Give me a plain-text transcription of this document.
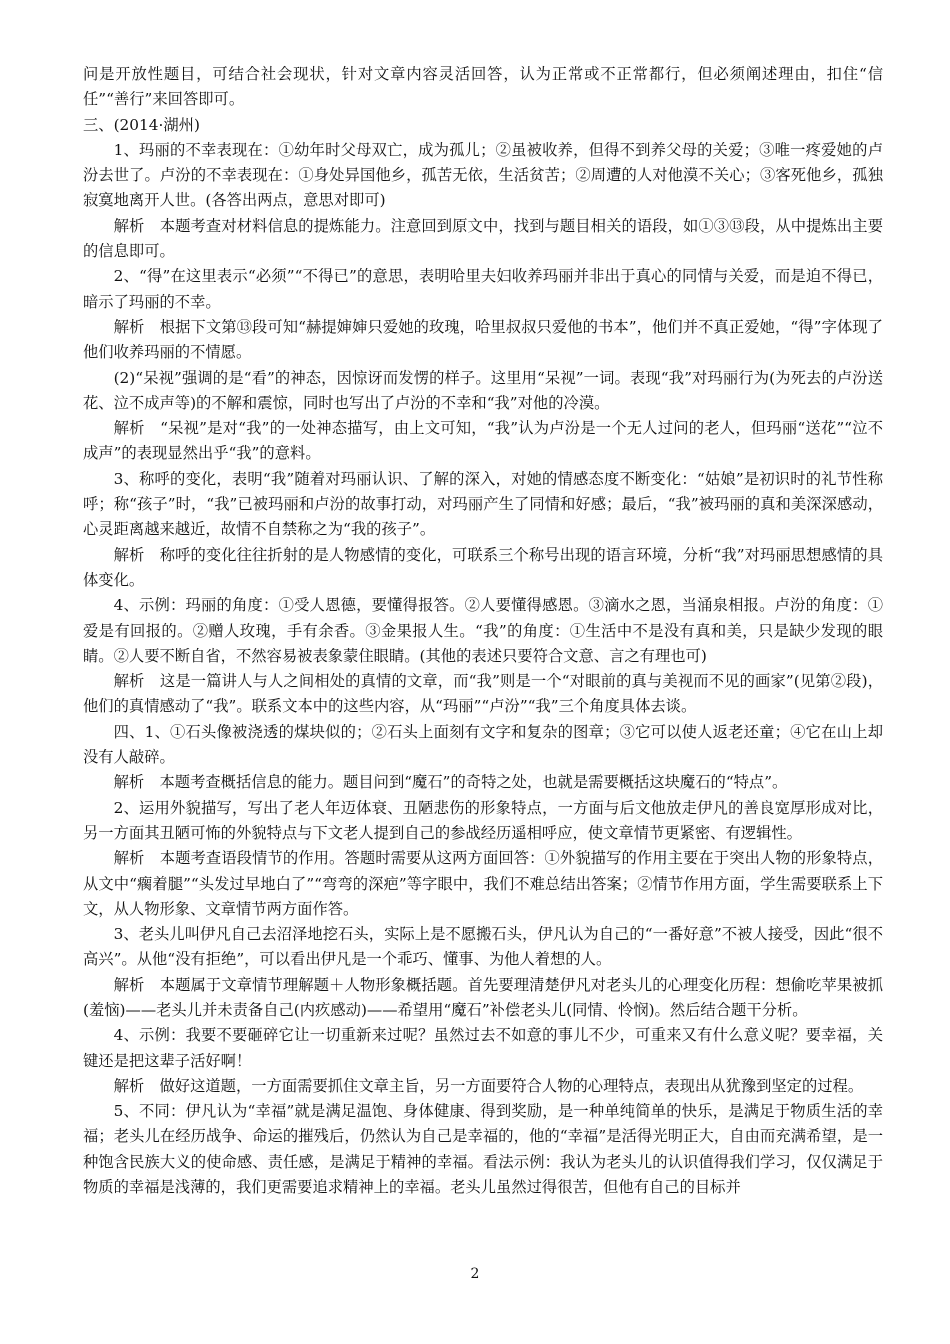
问是开放性题目，可结合社会现状，针对文章内容灵活回答，认为正常或不正常都行，但必须阐述理由，扣住“信任”“善行”来回答即可。

三、(2014·湖州)

1、玛丽的不幸表现在：①幼年时父母双亡，成为孤儿；②虽被收养，但得不到养父母的关爱；③唯一疼爱她的卢汾去世了。卢汾的不幸表现在：①身处异国他乡，孤苦无依，生活贫苦；②周遭的人对他漠不关心；③客死他乡，孤独寂寞地离开人世。(各答出两点，意思对即可)

解析　本题考查对材料信息的提炼能力。注意回到原文中，找到与题目相关的语段，如①③⑬段，从中提炼出主要的信息即可。

2、“得”在这里表示“必须”“不得已”的意思，表明哈里夫妇收养玛丽并非出于真心的同情与关爱，而是迫不得已，暗示了玛丽的不幸。

解析　根据下文第⑬段可知“赫提婶婶只爱她的玫瑰，哈里叔叔只爱他的书本”，他们并不真正爱她，“得”字体现了他们收养玛丽的不情愿。

(2)“呆视”强调的是“看”的神态，因惊讶而发愣的样子。这里用“呆视”一词。表现“我”对玛丽行为(为死去的卢汾送花、泣不成声等)的不解和震惊，同时也写出了卢汾的不幸和“我”对他的冷漠。

解析　“呆视”是对“我”的一处神态描写，由上文可知，“我”认为卢汾是一个无人过问的老人，但玛丽“送花”“泣不成声”的表现显然出乎“我”的意料。

3、称呼的变化，表明“我”随着对玛丽认识、了解的深入，对她的情感态度不断变化：“姑娘”是初识时的礼节性称呼；称“孩子”时，“我”已被玛丽和卢汾的故事打动，对玛丽产生了同情和好感；最后，“我”被玛丽的真和美深深感动，心灵距离越来越近，故情不自禁称之为“我的孩子”。

解析　称呼的变化往往折射的是人物感情的变化，可联系三个称号出现的语言环境，分析“我”对玛丽思想感情的具体变化。

4、示例：玛丽的角度：①受人恩德，要懂得报答。②人要懂得感恩。③滴水之恩，当涌泉相报。卢汾的角度：①爱是有回报的。②赠人玫瑰，手有余香。③金果报人生。“我”的角度：①生活中不是没有真和美，只是缺少发现的眼睛。②人要不断自省，不然容易被表象蒙住眼睛。(其他的表述只要符合文意、言之有理也可)

解析　这是一篇讲人与人之间相处的真情的文章，而“我”则是一个“对眼前的真与美视而不见的画家”(见第②段)，他们的真情感动了“我”。联系文本中的这些内容，从“玛丽”“卢汾”“我”三个角度具体去谈。

四、1、①石头像被浇透的煤块似的；②石头上面刻有文字和复杂的图章；③它可以使人返老还童；④它在山上却没有人敲碎。

解析　本题考查概括信息的能力。题目问到“魔石”的奇特之处，也就是需要概括这块魔石的“特点”。

2、运用外貌描写，写出了老人年迈体衰、丑陋悲伤的形象特点，一方面与后文他放走伊凡的善良宽厚形成对比，另一方面其丑陋可怖的外貌特点与下文老人提到自己的参战经历遥相呼应，使文章情节更紧密、有逻辑性。

解析　本题考查语段情节的作用。答题时需要从这两方面回答：①外貌描写的作用主要在于突出人物的形象特点，从文中“瘸着腿”“头发过早地白了”“弯弯的深疤”等字眼中，我们不难总结出答案；②情节作用方面，学生需要联系上下文，从人物形象、文章情节两方面作答。

3、老头儿叫伊凡自己去沼泽地挖石头，实际上是不愿搬石头，伊凡认为自己的“一番好意”不被人接受，因此“很不高兴”。从他“没有拒绝”，可以看出伊凡是一个乖巧、懂事、为他人着想的人。

解析　本题属于文章情节理解题＋人物形象概括题。首先要理清楚伊凡对老头儿的心理变化历程：想偷吃苹果被抓(羞恼)——老头儿并未责备自己(内疚感动)——希望用“魔石”补偿老头儿(同情、怜悯)。然后结合题干分析。

4、示例：我要不要砸碎它让一切重新来过呢？虽然过去不如意的事儿不少，可重来又有什么意义呢？要幸福，关键还是把这辈子活好啊！

解析　做好这道题，一方面需要抓住文章主旨，另一方面要符合人物的心理特点，表现出从犹豫到坚定的过程。

5、不同：伊凡认为“幸福”就是满足温饱、身体健康、得到奖励，是一种单纯简单的快乐，是满足于物质生活的幸福；老头儿在经历战争、命运的摧残后，仍然认为自己是幸福的，他的“幸福”是活得光明正大，自由而充满希望，是一种饱含民族大义的使命感、责任感，是满足于精神的幸福。看法示例：我认为老头儿的认识值得我们学习，仅仅满足于物质的幸福是浅薄的，我们更需要追求精神上的幸福。老头儿虽然过得很苦，但他有自己的目标并

2
